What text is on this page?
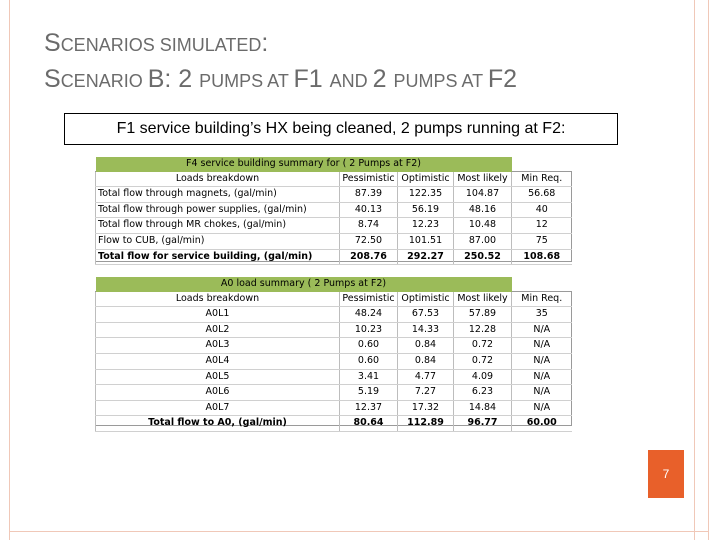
SCENARIOS SIMULATED:
SCENARIO B: 2 PUMPS AT F1 AND 2 PUMPS AT F2
F1 service building’s HX being cleaned, 2 pumps running at F2:
F4 service building summary for ( 2 Pumps at F2)				
Loads breakdown	Pessimistic	Optimistic	Most likely	Min Req.
Total flow through magnets, (gal/min)	87.39	122.35	104.87	56.68
Total flow through power supplies, (gal/min)	40.13	56.19	48.16	40
Total flow through MR chokes, (gal/min)	8.74	12.23	10.48	12
Flow to CUB, (gal/min)	72.50	101.51	87.00	75
Total flow for service building, (gal/min)	208.76	292.27	250.52	108.68
A0 load summary ( 2 Pumps at F2)				
Loads breakdown	Pessimistic	Optimistic	Most likely	Min Req.
A0L1	48.24	67.53	57.89	35
A0L2	10.23	14.33	12.28	N/A
A0L3	0.60	0.84	0.72	N/A
A0L4	0.60	0.84	0.72	N/A
A0L5	3.41	4.77	4.09	N/A
A0L6	5.19	7.27	6.23	N/A
A0L7	12.37	17.32	14.84	N/A
Total flow to A0, (gal/min)	80.64	112.89	96.77	60.00
7
